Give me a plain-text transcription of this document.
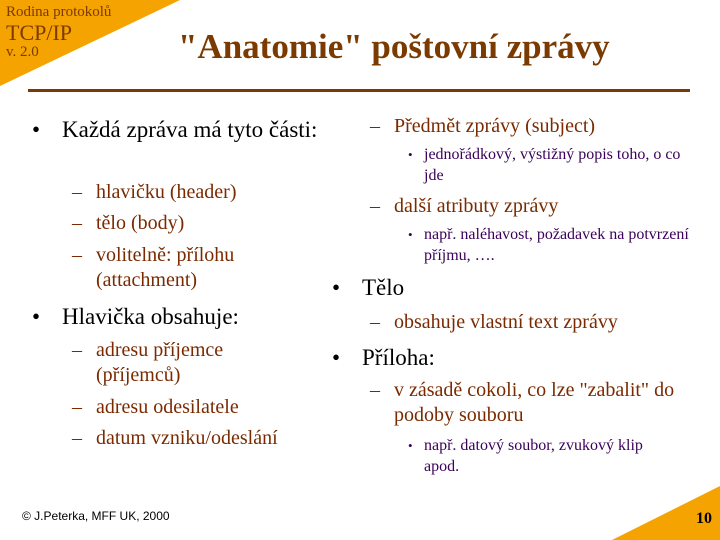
Rodina protokolů
TCP/IP
v. 2.0	"Anatomie" poštovní zprávy
• Každá zpráva má tyto části:
– hlavičku (header)
– tělo (body)
– volitelně: přílohu (attachment)
• Hlavička obsahuje:
– adresu příjemce (příjemců)
– adresu odesilatele
– datum vzniku/odeslání
– Předmět zprávy (subject)
• jednořádkový, výstižný popis toho, o co jde
– další atributy zprávy
• např. naléhavost, požadavek na potvrzení příjmu, ….
• Tělo
– obsahuje vlastní text zprávy
• Příloha:
– v zásadě cokoli, co lze "zabalit" do podoby souboru
• např. datový soubor, zvukový klip apod.
© J.Peterka, MFF UK, 2000	10
